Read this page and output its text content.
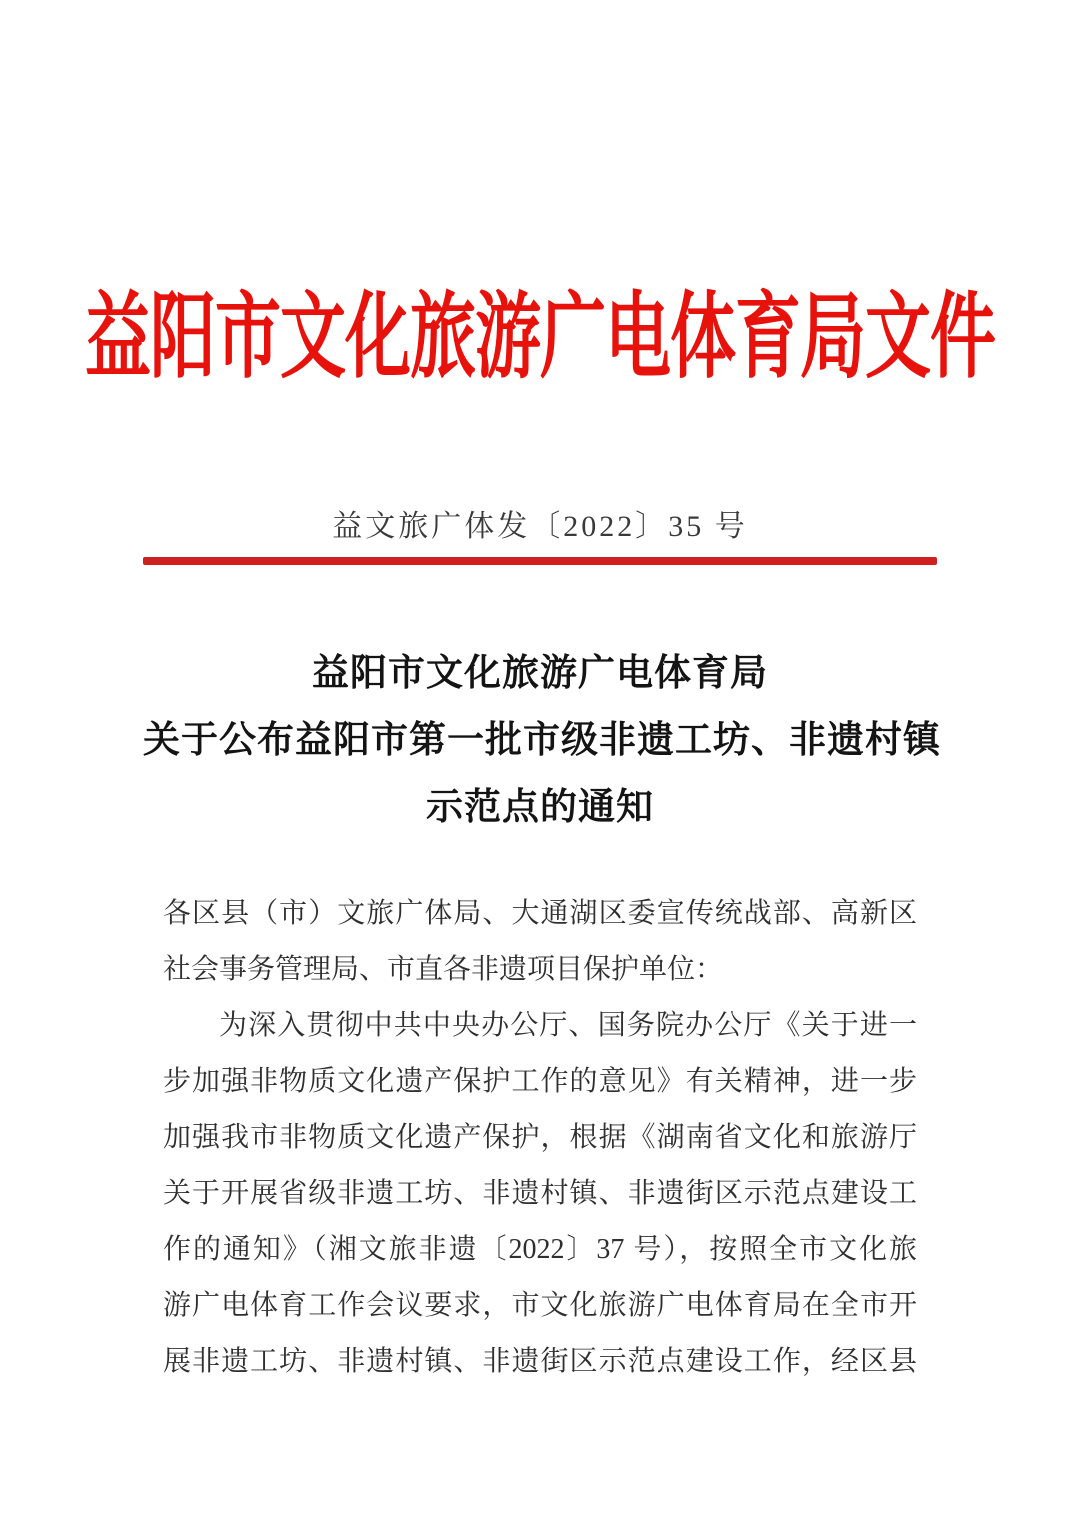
益阳市文化旅游广电体育局文件
益文旅广体发〔2022〕35 号
益阳市文化旅游广电体育局
关于公布益阳市第一批市级非遗工坊、非遗村镇
示范点的通知
各区县（市）文旅广体局、大通湖区委宣传统战部、高新区
社会事务管理局、市直各非遗项目保护单位：
为深入贯彻中共中央办公厅、国务院办公厅《关于进一
步加强非物质文化遗产保护工作的意见》有关精神，进一步
加强我市非物质文化遗产保护，根据《湖南省文化和旅游厅
关于开展省级非遗工坊、非遗村镇、非遗街区示范点建设工
作的通知》（湘文旅非遗〔2022〕37 号），按照全市文化旅
游广电体育工作会议要求，市文化旅游广电体育局在全市开
展非遗工坊、非遗村镇、非遗街区示范点建设工作，经区县
